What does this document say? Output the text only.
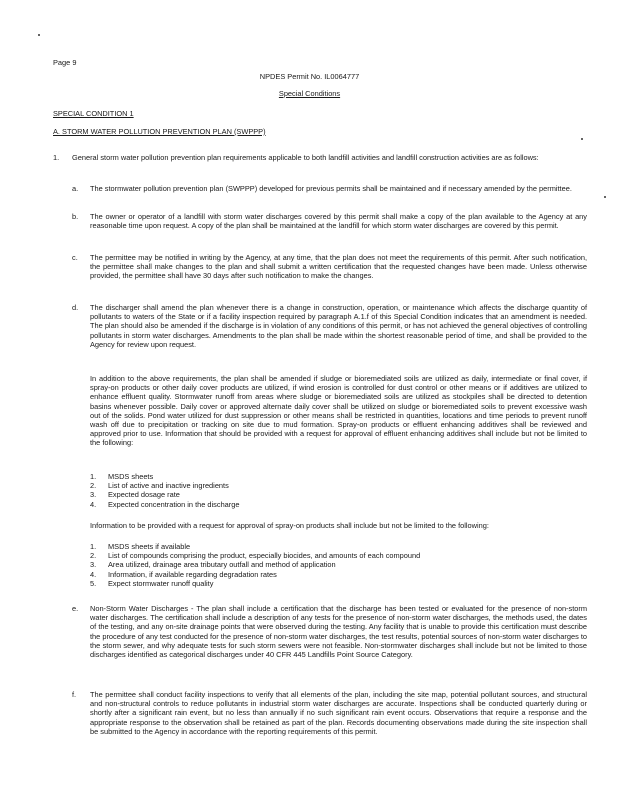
Page 9
NPDES Permit No. IL0064777
Special Conditions
SPECIAL CONDITION 1
A. STORM WATER POLLUTION PREVENTION PLAN (SWPPP)
1. General storm water pollution prevention plan requirements applicable to both landfill activities and landfill construction activities are as follows:
a.	The stormwater pollution prevention plan (SWPPP) developed for previous permits shall be maintained and if necessary amended by the permittee.
b.	The owner or operator of a landfill with storm water discharges covered by this permit shall make a copy of the plan available to the Agency at any reasonable time upon request. A copy of the plan shall be maintained at the landfill for which storm water discharges are covered by this permit.
c.	The permittee may be notified in writing by the Agency, at any time, that the plan does not meet the requirements of this permit. After such notification, the permittee shall make changes to the plan and shall submit a written certification that the requested changes have been made. Unless otherwise provided, the permittee shall have 30 days after such notification to make the changes.
d.	The discharger shall amend the plan whenever there is a change in construction, operation, or maintenance which affects the discharge quantity of pollutants to waters of the State or if a facility inspection required by paragraph A.1.f of this Special Condition indicates that an amendment is needed. The plan should also be amended if the discharge is in violation of any conditions of this permit, or has not achieved the general objectives of controlling pollutants in storm water discharges. Amendments to the plan shall be made within the shortest reasonable period of time, and shall be provided to the Agency for review upon request.
In addition to the above requirements, the plan shall be amended if sludge or bioremediated soils are utilized as daily, intermediate or final cover, if spray-on products or other daily cover products are utilized, if wind erosion is controlled for dust control or other means or if additives are utilized to enhance effluent quality. Stormwater runoff from areas where sludge or bioremediated soils are utilized as stockpiles shall be directed to detention basins whenever possible. Daily cover or approved alternate daily cover shall be utilized on sludge or bioremediated soils to prevent excessive wash out of the solids. Pond water utilized for dust suppression or other means shall be restricted in quantities, locations and time periods to prevent runoff wash off due to precipitation or tracking on site due to mud formation. Spray-on products or effluent enhancing additives shall be reviewed and approved prior to use. Information that should be provided with a request for approval of effluent enhancing additives shall include but not be limited to the following:
1.	MSDS sheets
2.	List of active and inactive ingredients
3.	Expected dosage rate
4.	Expected concentration in the discharge
Information to be provided with a request for approval of spray-on products shall include but not be limited to the following:
1.	MSDS sheets if available
2.	List of compounds comprising the product, especially biocides, and amounts of each compound
3.	Area utilized, drainage area tributary outfall and method of application
4.	Information, if available regarding degradation rates
5.	Expect stormwater runoff quality
e.	Non-Storm Water Discharges - The plan shall include a certification that the discharge has been tested or evaluated for the presence of non-storm water discharges. The certification shall include a description of any tests for the presence of non-storm water discharges, the methods used, the dates of the testing, and any on-site drainage points that were observed during the testing. Any facility that is unable to provide this certification must describe the procedure of any test conducted for the presence of non-storm water discharges, the test results, potential sources of non-storm water discharges to the storm sewer, and why adequate tests for such storm sewers were not feasible. Non-stormwater discharges shall include but not be limited to those discharges identified as categorical discharges under 40 CFR 445 Landfills Point Source Category.
f.	The permittee shall conduct facility inspections to verify that all elements of the plan, including the site map, potential pollutant sources, and structural and non-structural controls to reduce pollutants in industrial storm water discharges are accurate. Inspections shall be conducted quarterly during or shortly after a significant rain event, but no less than annually if no such significant rain event occurs. Observations that require a response and the appropriate response to the observation shall be retained as part of the plan. Records documenting observations made during the site inspection shall be submitted to the Agency in accordance with the reporting requirements of this permit.
